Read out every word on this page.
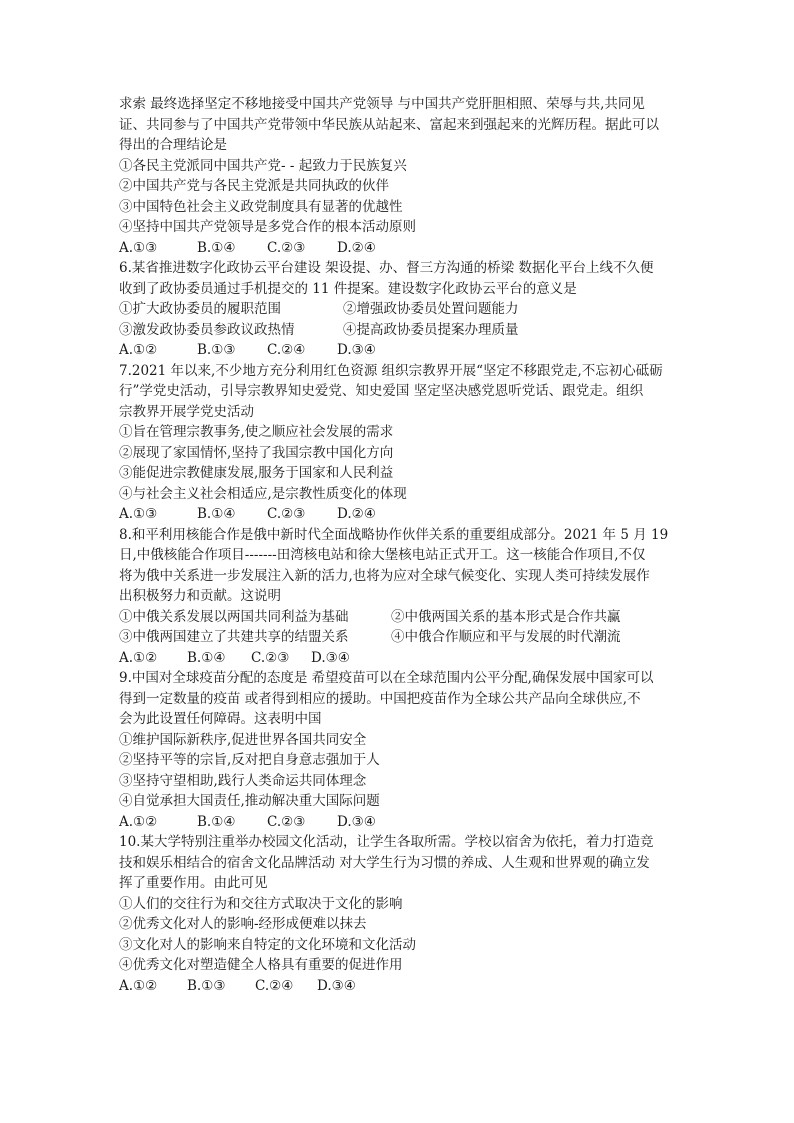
求索 最终选择坚定不移地接受中国共产党领导 与中国共产党肝胆相照、荣辱与共,共同见
证、共同参与了中国共产党带领中华民族从站起来、富起来到强起来的光辉历程。据此可以
得出的合理结论是
①各民主党派同中国共产党- - 起致力于民族复兴
②中国共产党与各民主党派是共同执政的伙伴
③中国特色社会主义政党制度具有显著的优越性
④坚持中国共产党领导是多党合作的根本活动原则
A.①③	B.①④	C.②③	D.②④
6.某省推进数字化政协云平台建设 架设提、办、督三方沟通的桥梁 数据化平台上线不久便
收到了政协委员通过手机提交的 11 件提案。建设数字化政协云平台的意义是
①扩大政协委员的履职范围	②增强政协委员处置问题能力
③激发政协委员参政议政热情	④提高政协委员提案办理质量
A.①②	B.①③	C.②④	D.③④
7.2021 年以来,不少地方充分利用红色资源 组织宗教界开展“坚定不移跟党走,不忘初心砥砺
行”学党史活动，引导宗教界知史爱党、知史爱国 坚定坚决感党恩听党话、跟党走。组织
宗教界开展学党史活动
①旨在管理宗教事务,使之顺应社会发展的需求
②展现了家国情怀,坚持了我国宗教中国化方向
③能促进宗教健康发展,服务于国家和人民利益
④与社会主义社会相适应,是宗教性质变化的体现
A.①③	B.①④	C.②③	D.②④
8.和平利用核能合作是俄中新时代全面战略协作伙伴关系的重要组成部分。2021 年 5 月 19
日,中俄核能合作项目-------田湾核电站和徐大堡核电站正式开工。这一核能合作项目,不仅
将为俄中关系进一步发展注入新的活力,也将为应对全球气候变化、实现人类可持续发展作
出积极努力和贡献。这说明
①中俄关系发展以两国共同利益为基础	②中俄两国关系的基本形式是合作共赢
③中俄两国建立了共建共享的结盟关系	④中俄合作顺应和平与发展的时代潮流
A.①②	B.①④	C.②③	D.③④
9.中国对全球疫苗分配的态度是 希望疫苗可以在全球范围内公平分配,确保发展中国家可以
得到一定数量的疫苗 或者得到相应的援助。中国把疫苗作为全球公共产品向全球供应,不
会为此设置任何障碍。这表明中国
①维护国际新秩序,促进世界各国共同安全
②坚持平等的宗旨,反对把自身意志强加于人
③坚持守望相助,践行人类命运共同体理念
④自觉承担大国责任,推动解决重大国际问题
A.①②	B.①④	C.②③	D.③④
10.某大学特别注重举办校园文化活动，让学生各取所需。学校以宿舍为依托，着力打造竞
技和娱乐相结合的宿舍文化品牌活动 对大学生行为习惯的养成、人生观和世界观的确立发
挥了重要作用。由此可见
①人们的交往行为和交往方式取决于文化的影响
②优秀文化对人的影响-经形成便难以抹去
③文化对人的影响来自特定的文化环境和文化活动
④优秀文化对塑造健全人格具有重要的促进作用
A.①②	B.①③	C.②④	D.③④
